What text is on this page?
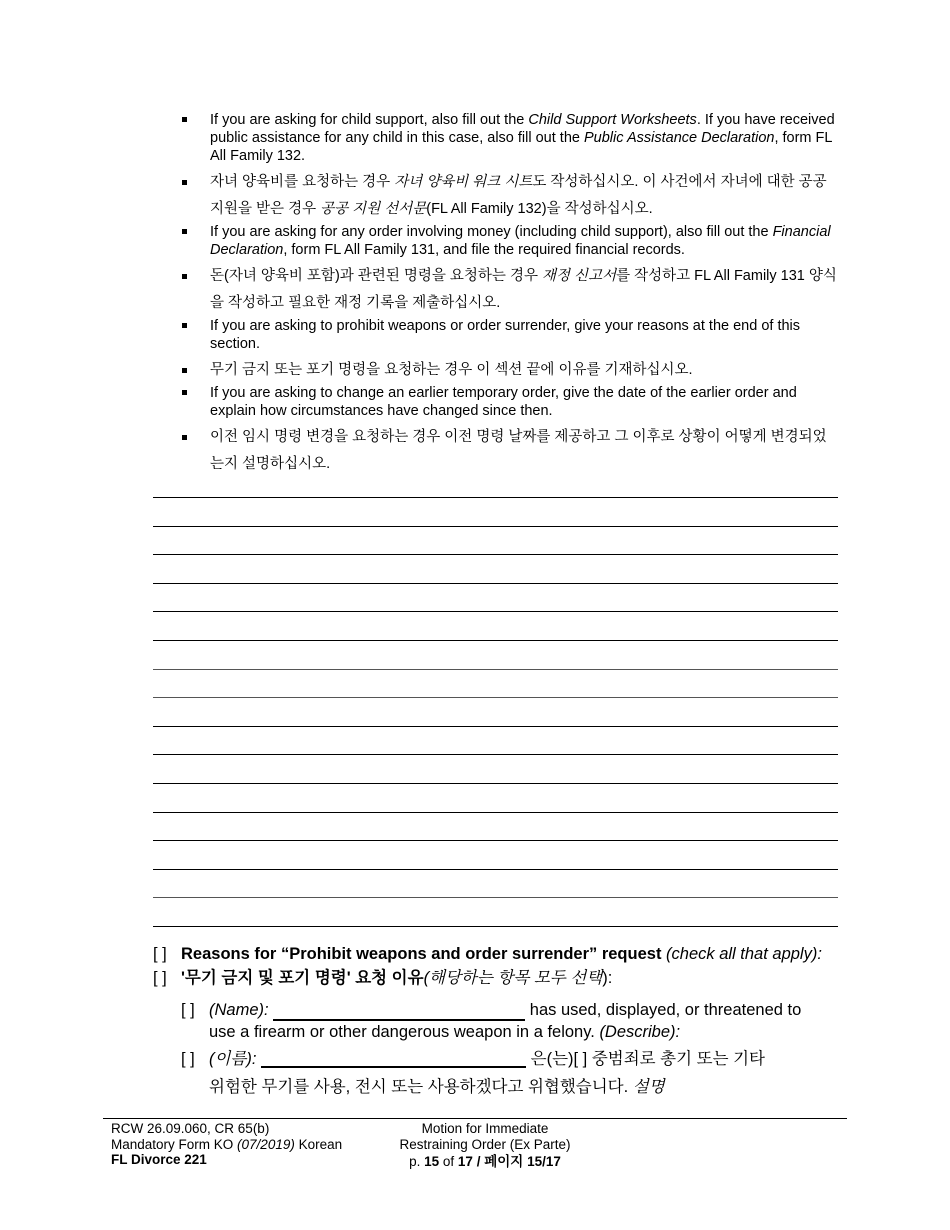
If you are asking for child support, also fill out the Child Support Worksheets. If you have received public assistance for any child in this case, also fill out the Public Assistance Declaration, form FL All Family 132.
자녀 양육비를 요청하는 경우 자녀 양육비 워크 시트도 작성하십시오. 이 사건에서 자녀에 대한 공공 지원을 받은 경우 공공 지원 선서문(FL All Family 132)을 작성하십시오.
If you are asking for any order involving money (including child support), also fill out the Financial Declaration, form FL All Family 131, and file the required financial records.
돈(자녀 양육비 포함)과 관련된 명령을 요청하는 경우 재정 신고서를 작성하고 FL All Family 131 양식을 작성하고 필요한 재정 기록을 제출하십시오.
If you are asking to prohibit weapons or order surrender, give your reasons at the end of this section.
무기 금지 또는 포기 명령을 요청하는 경우 이 섹션 끝에 이유를 기재하십시오.
If you are asking to change an earlier temporary order, give the date of the earlier order and explain how circumstances have changed since then.
이전 임시 명령 변경을 요청하는 경우 이전 명령 날짜를 제공하고 그 이후로 상황이 어떻게 변경되었는지 설명하십시오.
[ ] Reasons for “Prohibit weapons and order surrender” request (check all that apply):
[ ] '무기 금지 및 포기 명령' 요청 이유(해당하는 항목 모두 선택):
[ ] (Name):	has used, displayed, or threatened to
use a firearm or other dangerous weapon in a felony. (Describe):
[ ] (이름):	은(는)[ ] 중범죄로 총기 또는 기타
위험한 무기를 사용, 전시 또는 사용하겠다고 위협했습니다. 설명
RCW 26.09.060, CR 65(b)
Mandatory Form KO (07/2019) Korean
FL Divorce 221
Motion for Immediate
Restraining Order (Ex Parte)
p. 15 of 17 / 페이지 15/17
